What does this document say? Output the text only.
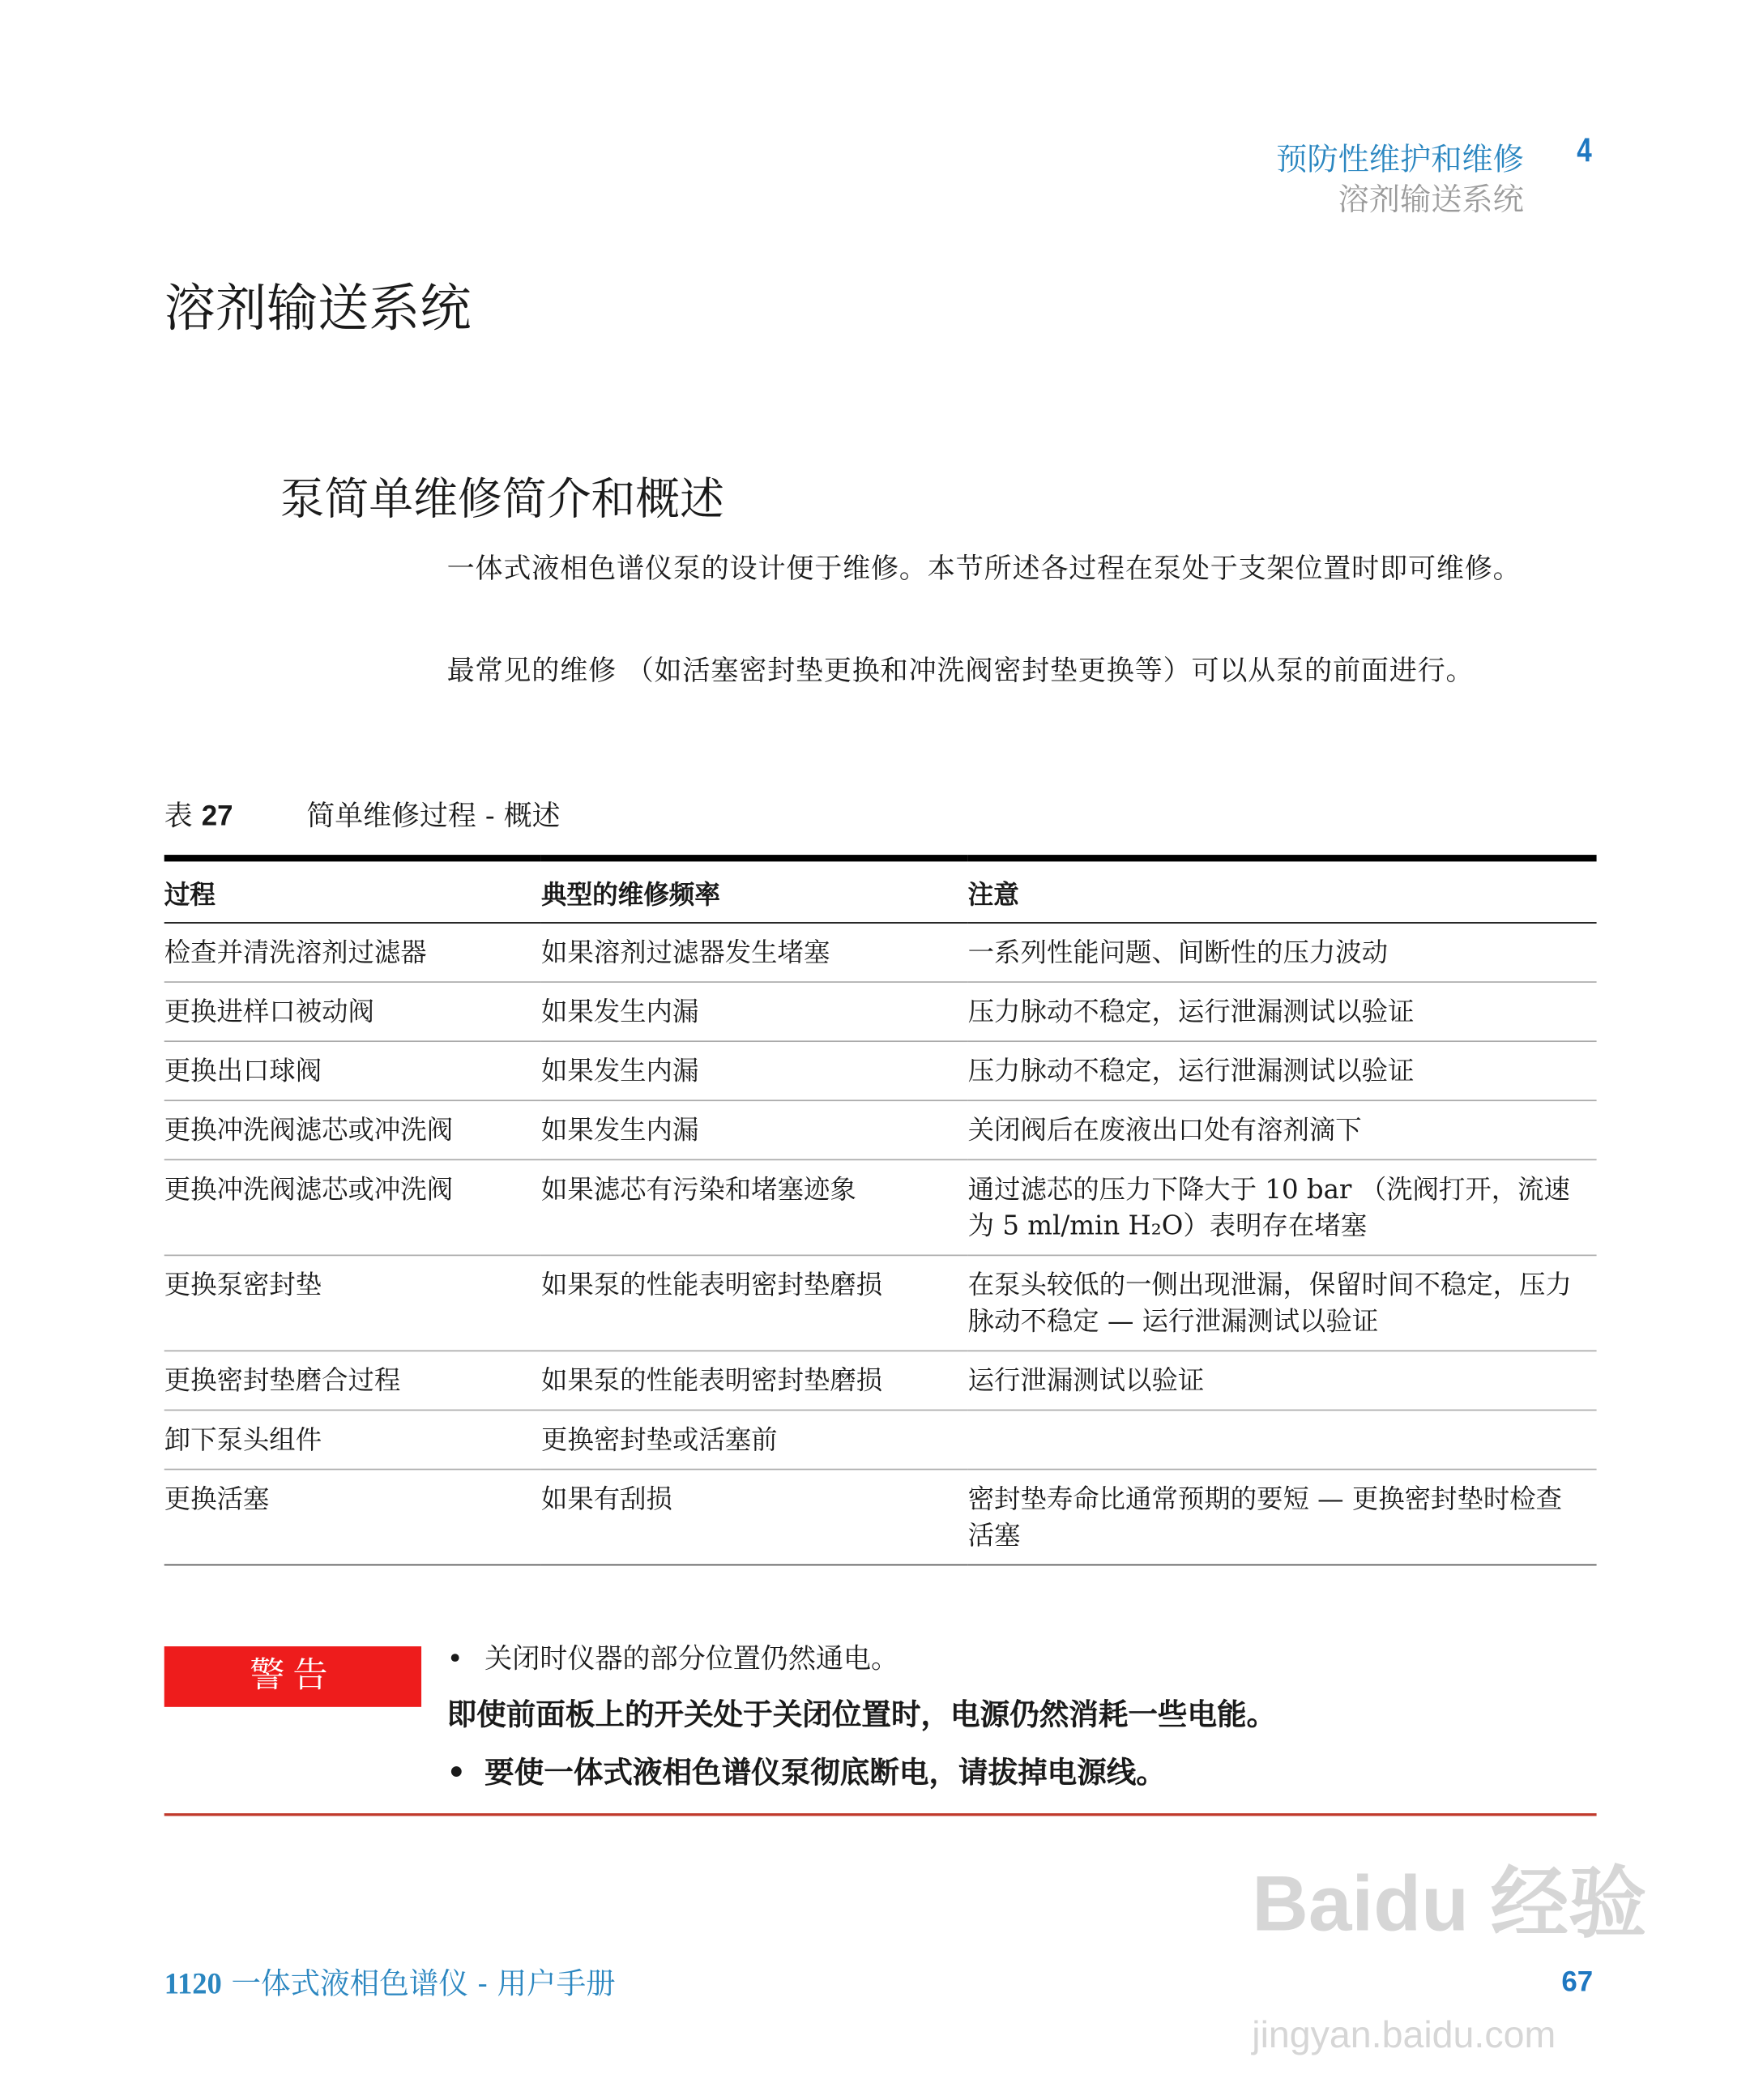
预防性维护和维修	4
溶剂输送系统
溶剂输送系统
泵简单维修简介和概述
一体式液相色谱仪泵的设计便于维修。本节所述各过程在泵处于支架位置时即可维修。
最常见的维修 （如活塞密封垫更换和冲洗阀密封垫更换等）可以从泵的前面进行。
表 27	简单维修过程 - 概述
过程	典型的维修频率	注意
检查并清洗溶剂过滤器	如果溶剂过滤器发生堵塞	一系列性能问题、间断性的压力波动
更换进样口被动阀	如果发生内漏	压力脉动不稳定，运行泄漏测试以验证
更换出口球阀	如果发生内漏	压力脉动不稳定，运行泄漏测试以验证
更换冲洗阀滤芯或冲洗阀	如果发生内漏	关闭阀后在废液出口处有溶剂滴下
更换冲洗阀滤芯或冲洗阀	如果滤芯有污染和堵塞迹象	通过滤芯的压力下降大于 10 bar （洗阀打开，流速为 5 ml/min H₂O）表明存在堵塞
更换泵密封垫	如果泵的性能表明密封垫磨损	在泵头较低的一侧出现泄漏，保留时间不稳定，压力脉动不稳定 — 运行泄漏测试以验证
更换密封垫磨合过程	如果泵的性能表明密封垫磨损	运行泄漏测试以验证
卸下泵头组件	更换密封垫或活塞前	
更换活塞	如果有刮损	密封垫寿命比通常预期的要短 — 更换密封垫时检查活塞
警告	• 关闭时仪器的部分位置仍然通电。
即使前面板上的开关处于关闭位置时，电源仍然消耗一些电能。
• 要使一体式液相色谱仪泵彻底断电，请拔掉电源线。
Baidu 经验
jingyan.baidu.com
1120 一体式液相色谱仪 - 用户手册	67
